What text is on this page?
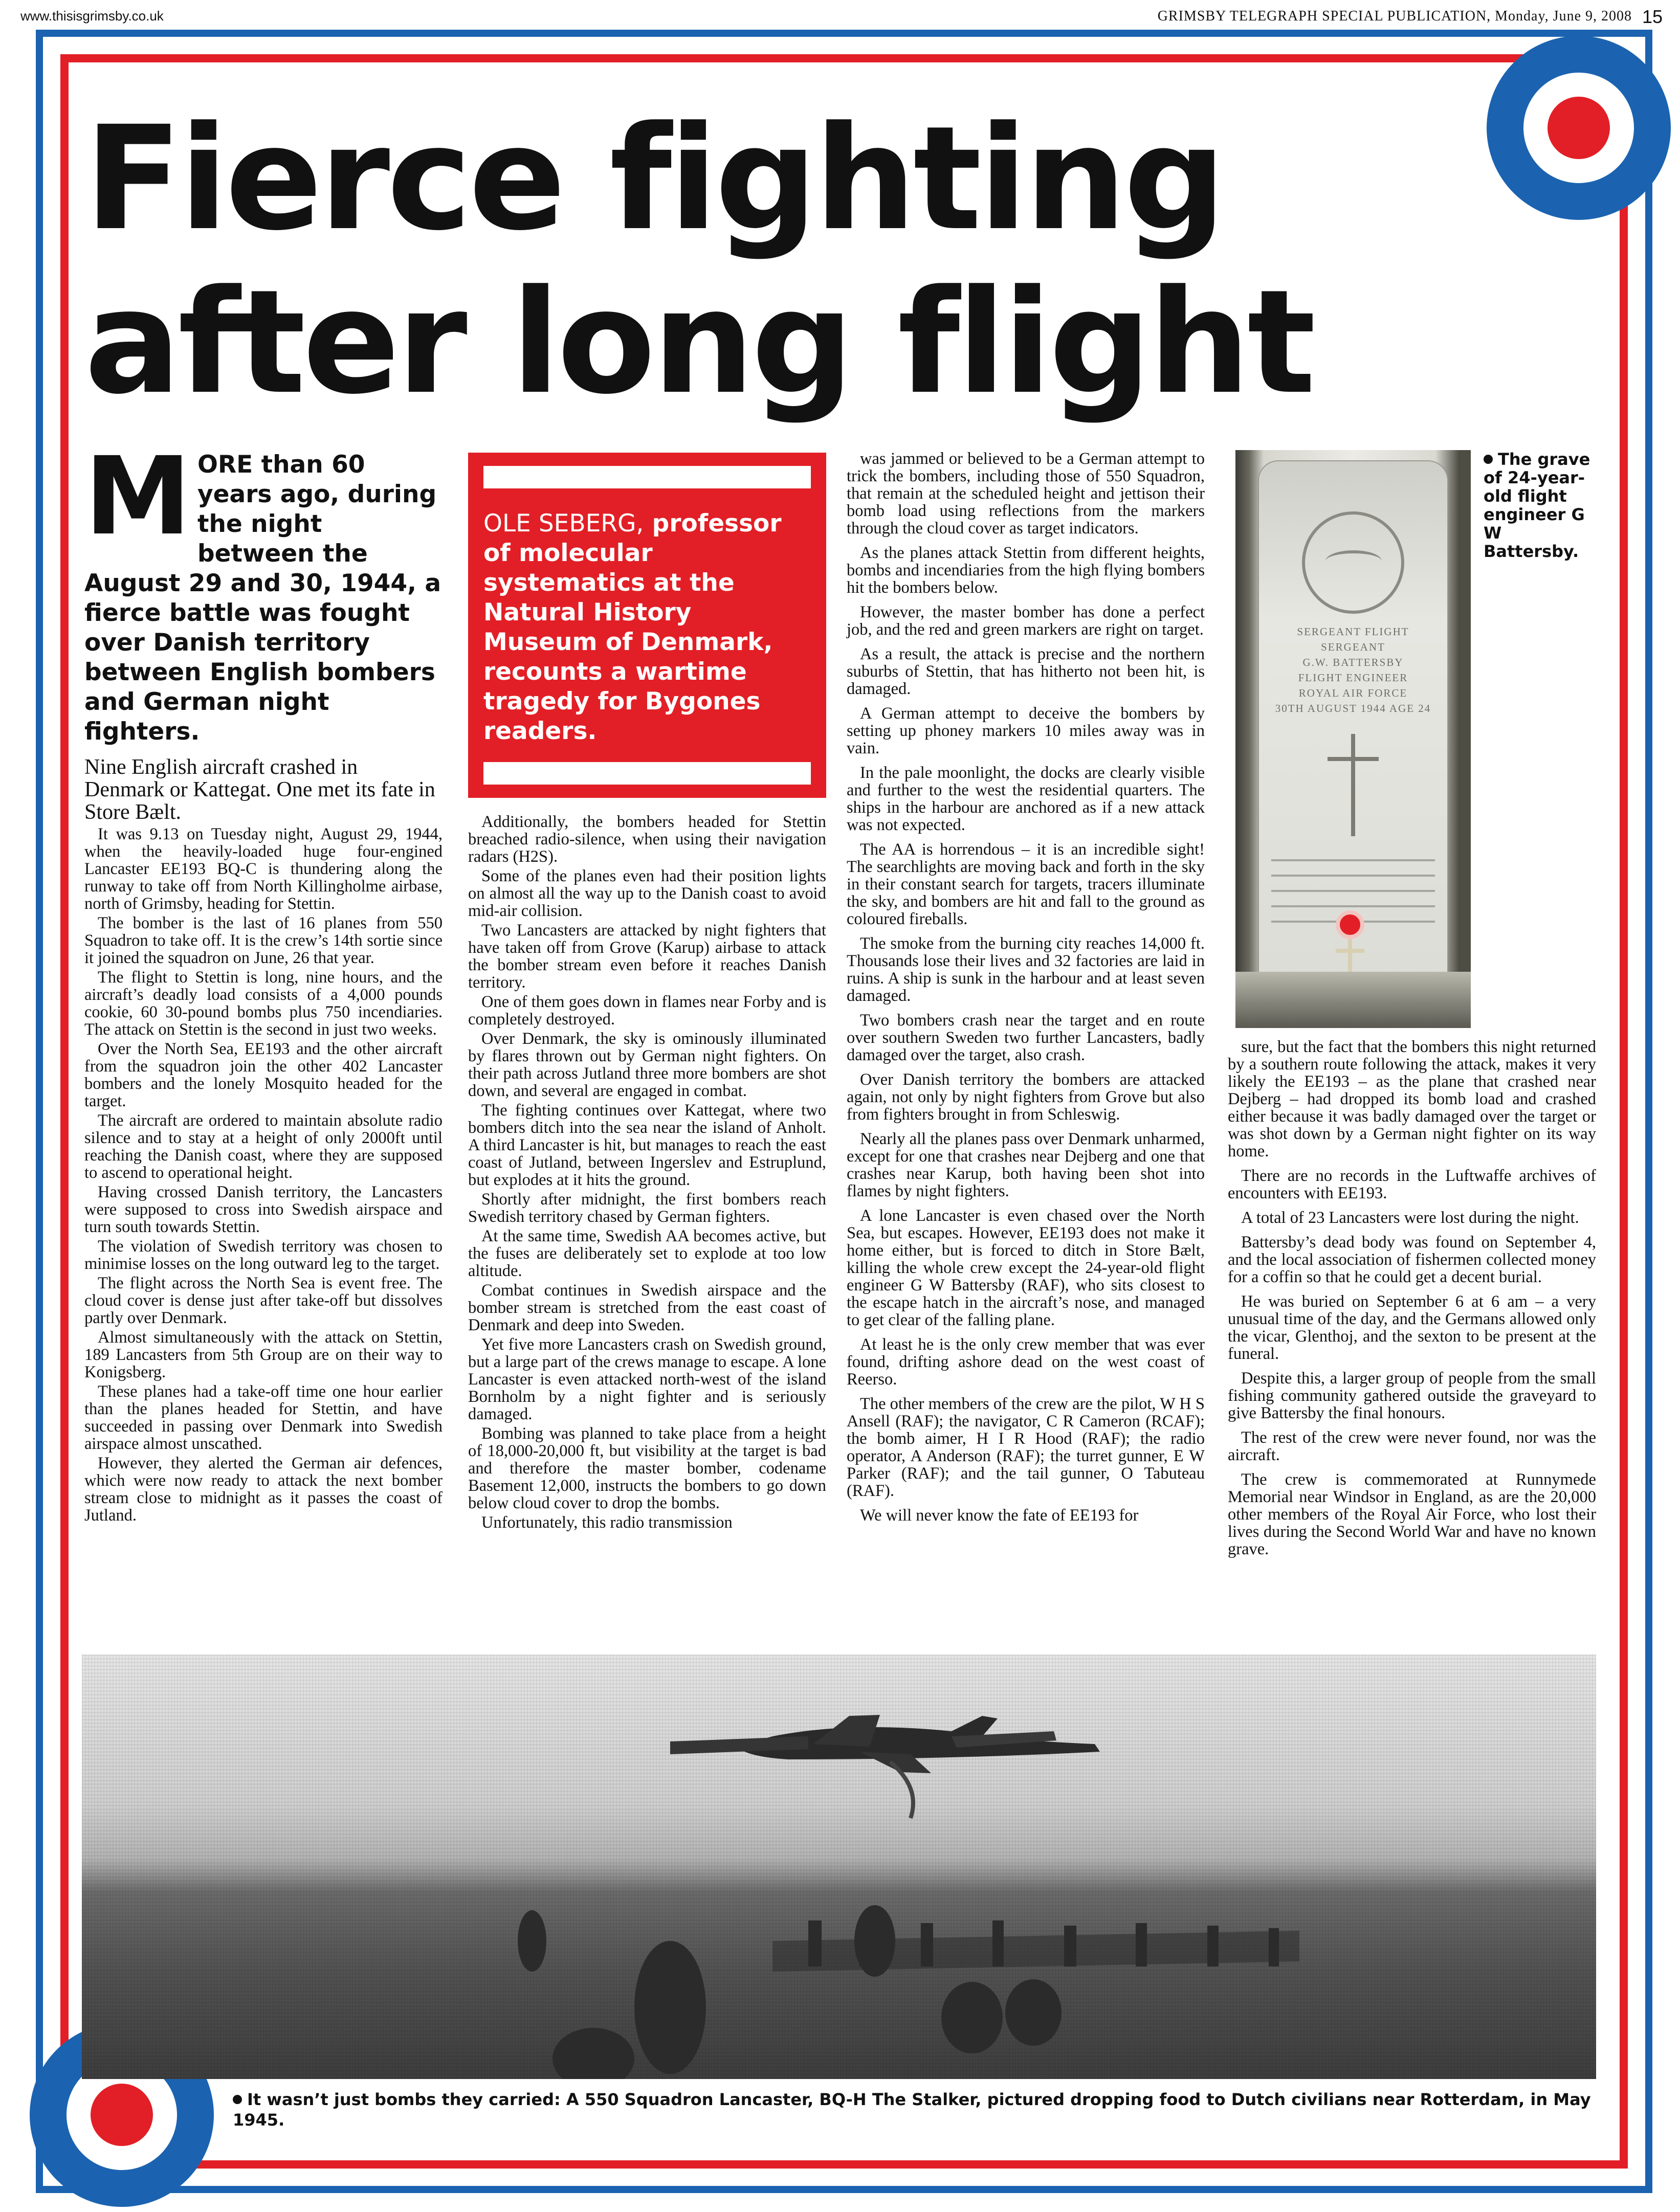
www.thisisgrimsby.co.uk	GRIMSBY TELEGRAPH SPECIAL PUBLICATION, Monday, June 9, 2008 15
Fierce fighting
after long flight
MORE than 60 years ago, during the night between the August 29 and 30, 1944, a fierce battle was fought over Danish territory between English bombers and German night fighters.

Nine English aircraft crashed in Denmark or Kattegat. One met its fate in Store Bælt.

It was 9.13 on Tuesday night, August 29, 1944, when the heavily-loaded huge four-engined Lancaster EE193 BQ-C is thundering along the runway to take off from North Killingholme airbase, north of Grimsby, heading for Stettin.

The bomber is the last of 16 planes from 550 Squadron to take off. It is the crew’s 14th sortie since it joined the squadron on June, 26 that year.

The flight to Stettin is long, nine hours, and the aircraft’s deadly load consists of a 4,000 pounds cookie, 60 30-pound bombs plus 750 incendiaries. The attack on Stettin is the second in just two weeks.

Over the North Sea, EE193 and the other aircraft from the squadron join the other 402 Lancaster bombers and the lonely Mosquito headed for the target.

The aircraft are ordered to maintain absolute radio silence and to stay at a height of only 2000ft until reaching the Danish coast, where they are supposed to ascend to operational height.

Having crossed Danish territory, the Lancasters were supposed to cross into Swedish airspace and turn south towards Stettin.

The violation of Swedish territory was chosen to minimise losses on the long outward leg to the target.

The flight across the North Sea is event free. The cloud cover is dense just after take-off but dissolves partly over Denmark.

Almost simultaneously with the attack on Stettin, 189 Lancasters from 5th Group are on their way to Konigsberg.

These planes had a take-off time one hour earlier than the planes headed for Stettin, and have succeeded in passing over Denmark into Swedish airspace almost unscathed.

However, they alerted the German air defences, which were now ready to attack the next bomber stream close to midnight as it passes the coast of Jutland.

OLE SEBERG, professor of molecular systematics at the Natural History Museum of Denmark, recounts a wartime tragedy for Bygones readers.

Additionally, the bombers headed for Stettin breached radio-silence, when using their navigation radars (H2S).

Some of the planes even had their position lights on almost all the way up to the Danish coast to avoid mid-air collision.

Two Lancasters are attacked by night fighters that have taken off from Grove (Karup) airbase to attack the bomber stream even before it reaches Danish territory.

One of them goes down in flames near Forby and is completely destroyed.

Over Denmark, the sky is ominously illuminated by flares thrown out by German night fighters. On their path across Jutland three more bombers are shot down, and several are engaged in combat.

The fighting continues over Kattegat, where two bombers ditch into the sea near the island of Anholt. A third Lancaster is hit, but manages to reach the east coast of Jutland, between Ingerslev and Estruplund, but explodes at it hits the ground.

Shortly after midnight, the first bombers reach Swedish territory chased by German fighters.

At the same time, Swedish AA becomes active, but the fuses are deliberately set to explode at too low altitude.

Combat continues in Swedish airspace and the bomber stream is stretched from the east coast of Denmark and deep into Sweden.

Yet five more Lancasters crash on Swedish ground, but a large part of the crews manage to escape. A lone Lancaster is even attacked north-west of the island Bornholm by a night fighter and is seriously damaged.

Bombing was planned to take place from a height of 18,000-20,000 ft, but visibility at the target is bad and therefore the master bomber, codename Basement 12,000, instructs the bombers to go down below cloud cover to drop the bombs.

Unfortunately, this radio transmission

was jammed or believed to be a German attempt to trick the bombers, including those of 550 Squadron, that remain at the scheduled height and jettison their bomb load using reflections from the markers through the cloud cover as target indicators.

As the planes attack Stettin from different heights, bombs and incendiaries from the high flying bombers hit the bombers below.

However, the master bomber has done a perfect job, and the red and green markers are right on target.

As a result, the attack is precise and the northern suburbs of Stettin, that has hitherto not been hit, is damaged.

A German attempt to deceive the bombers by setting up phoney markers 10 miles away was in vain.

In the pale moonlight, the docks are clearly visible and further to the west the residential quarters. The ships in the harbour are anchored as if a new attack was not expected.

The AA is horrendous – it is an incredible sight! The searchlights are moving back and forth in the sky in their constant search for targets, tracers illuminate the sky, and bombers are hit and fall to the ground as coloured fireballs.

The smoke from the burning city reaches 14,000 ft. Thousands lose their lives and 32 factories are laid in ruins. A ship is sunk in the harbour and at least seven damaged.

Two bombers crash near the target and en route over southern Sweden two further Lancasters, badly damaged over the target, also crash.

Over Danish territory the bombers are attacked again, not only by night fighters from Grove but also from fighters brought in from Schleswig.

Nearly all the planes pass over Denmark unharmed, except for one that crashes near Dejberg and one that crashes near Karup, both having been shot into flames by night fighters.

A lone Lancaster is even chased over the North Sea, but escapes. However, EE193 does not make it home either, but is forced to ditch in Store Bælt, killing the whole crew except the 24-year-old flight engineer G W Battersby (RAF), who sits closest to the escape hatch in the aircraft’s nose, and managed to get clear of the falling plane.

At least he is the only crew member that was ever found, drifting ashore dead on the west coast of Reerso.

The other members of the crew are the pilot, W H S Ansell (RAF); the navigator, C R Cameron (RCAF); the bomb aimer, H I R Hood (RAF); the radio operator, A Anderson (RAF); the turret gunner, E W Parker (RAF); and the tail gunner, O Tabuteau (RAF).

We will never know the fate of EE193 for

SERGEANT FLIGHT SERGEANT
G.W. BATTERSBY
FLIGHT ENGINEER
ROYAL AIR FORCE
30TH AUGUST 1944 AGE 24
The grave of 24-year-old flight engineer G W Battersby.

sure, but the fact that the bombers this night returned by a southern route following the attack, makes it very likely the EE193 – as the plane that crashed near Dejberg – had dropped its bomb load and crashed either because it was badly damaged over the target or was shot down by a German night fighter on its way home.

There are no records in the Luftwaffe archives of encounters with EE193.

A total of 23 Lancasters were lost during the night.

Battersby’s dead body was found on September 4, and the local association of fishermen collected money for a coffin so that he could get a decent burial.

He was buried on September 6 at 6 am – a very unusual time of the day, and the Germans allowed only the vicar, Glenthoj, and the sexton to be present at the funeral.

Despite this, a larger group of people from the small fishing community gathered outside the graveyard to give Battersby the final honours.

The rest of the crew were never found, nor was the aircraft.

The crew is commemorated at Runnymede Memorial near Windsor in England, as are the 20,000 other members of the Royal Air Force, who lost their lives during the Second World War and have no known grave.

It wasn’t just bombs they carried: A 550 Squadron Lancaster, BQ-H The Stalker, pictured dropping food to Dutch civilians near Rotterdam, in May 1945.
